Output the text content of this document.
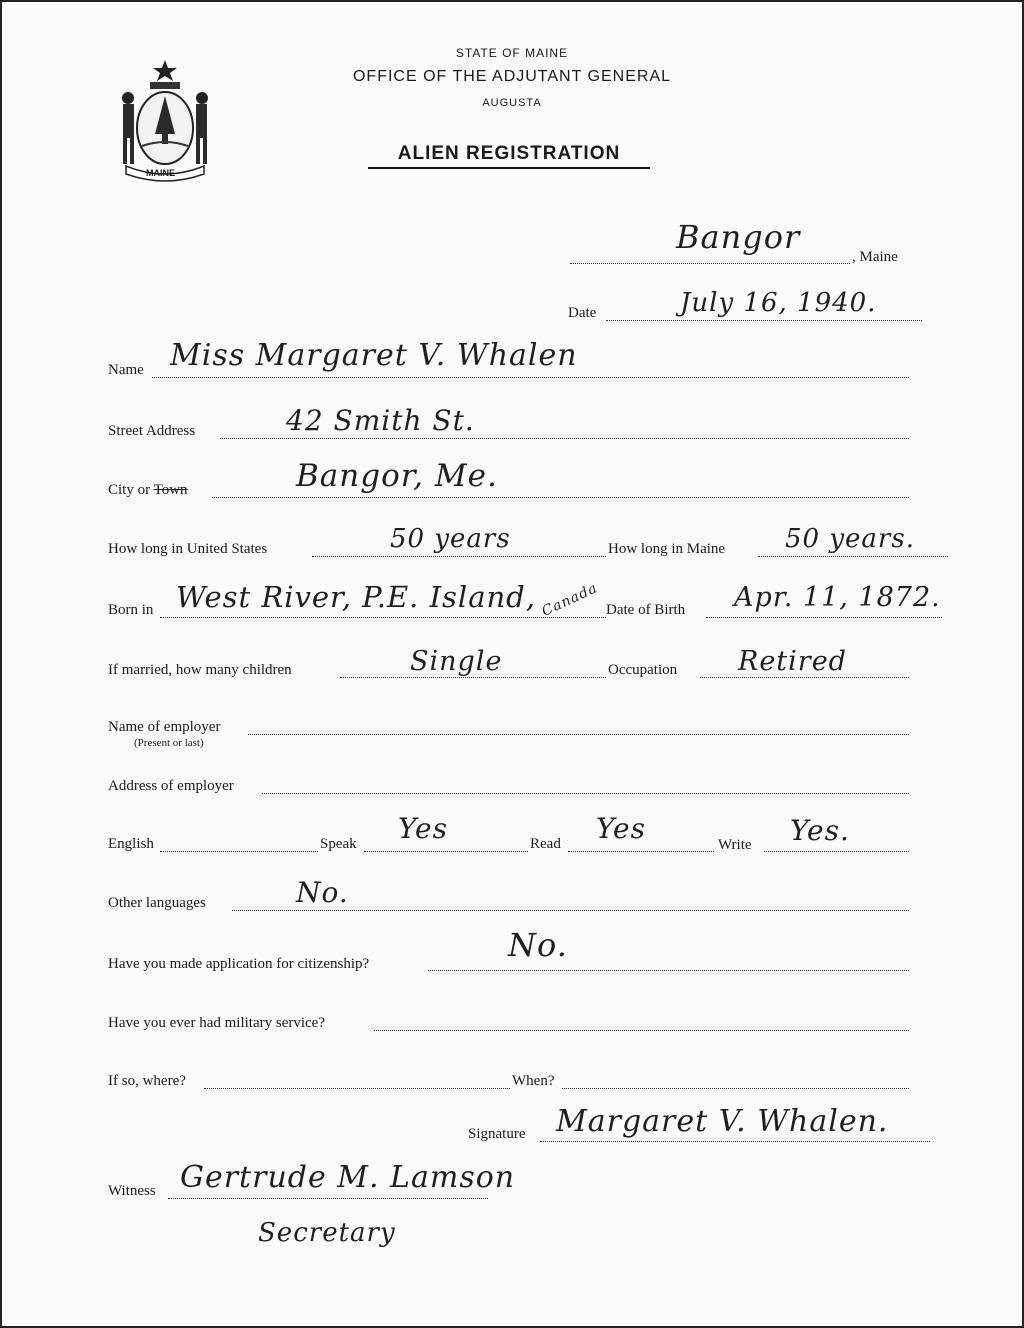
MAINE
STATE OF MAINE
OFFICE OF THE ADJUTANT GENERAL
AUGUSTA
ALIEN REGISTRATION
Bangor
, Maine
Date	July 16, 1940.
Name Miss Margaret V. Whalen
Street Address	42 Smith St.
City or Town	Bangor, Me.
How long in United States	50 years	How long in Maine 50 years.
Born in West River, P.E. Island, Canada Date of Birth Apr. 11, 1872.
If married, how many children	Single	Occupation Retired
Name of employer
(Present or last)
Address of employer
English	Speak Yes	Read Yes	Write Yes.
Other languages	No.
Have you made application for citizenship?	No.
Have you ever had military service?
If so, where?	When?
Signature Margaret V. Whalen.
Witness Gertrude M. Lamson
Secretary
